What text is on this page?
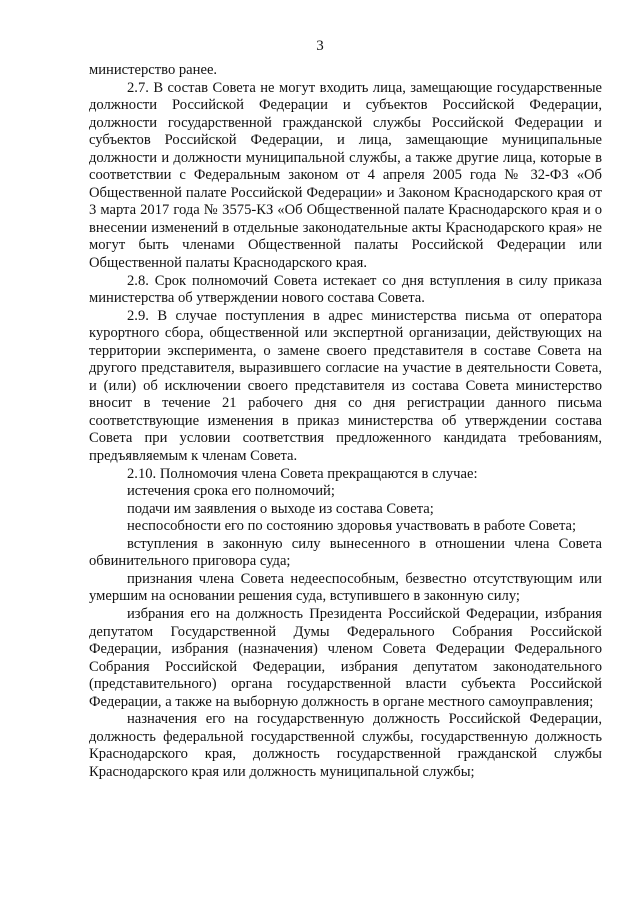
3

министерство ранее.

2.7. В состав Совета не могут входить лица, замещающие государственные должности Российской Федерации и субъектов Российской Федерации, должности государственной гражданской службы Российской Федерации и субъектов Российской Федерации, и лица, замещающие муниципальные должности и должности муниципальной службы, а также другие лица, которые в соответствии с Федеральным законом от 4 апреля 2005 года № 32-ФЗ «Об Общественной палате Российской Федерации» и Законом Краснодарского края от 3 марта 2017 года № 3575-КЗ «Об Общественной палате Краснодарского края и о внесении изменений в отдельные законодательные акты Краснодарского края» не могут быть членами Общественной палаты Российской Федерации или Общественной палаты Краснодарского края.

2.8. Срок полномочий Совета истекает со дня вступления в силу приказа министерства об утверждении нового состава Совета.

2.9. В случае поступления в адрес министерства письма от оператора курортного сбора, общественной или экспертной организации, действующих на территории эксперимента, о замене своего представителя в составе Совета на другого представителя, выразившего согласие на участие в деятельности Совета, и (или) об исключении своего представителя из состава Совета министерство вносит в течение 21 рабочего дня со дня регистрации данного письма соответствующие изменения в приказ министерства об утверждении состава Совета при условии соответствия предложенного кандидата требованиям, предъявляемым к членам Совета.

2.10. Полномочия члена Совета прекращаются в случае:

истечения срока его полномочий;

подачи им заявления о выходе из состава Совета;

неспособности его по состоянию здоровья участвовать в работе Совета;

вступления в законную силу вынесенного в отношении члена Совета обвинительного приговора суда;

признания члена Совета недееспособным, безвестно отсутствующим или умершим на основании решения суда, вступившего в законную силу;

избрания его на должность Президента Российской Федерации, избрания депутатом Государственной Думы Федерального Собрания Российской Федерации, избрания (назначения) членом Совета Федерации Федерального Собрания Российской Федерации, избрания депутатом законодательного (представительного) органа государственной власти субъекта Российской Федерации, а также на выборную должность в органе местного самоуправления;

назначения его на государственную должность Российской Федерации, должность федеральной государственной службы, государственную должность Краснодарского края, должность государственной гражданской службы Краснодарского края или должность муниципальной службы;
